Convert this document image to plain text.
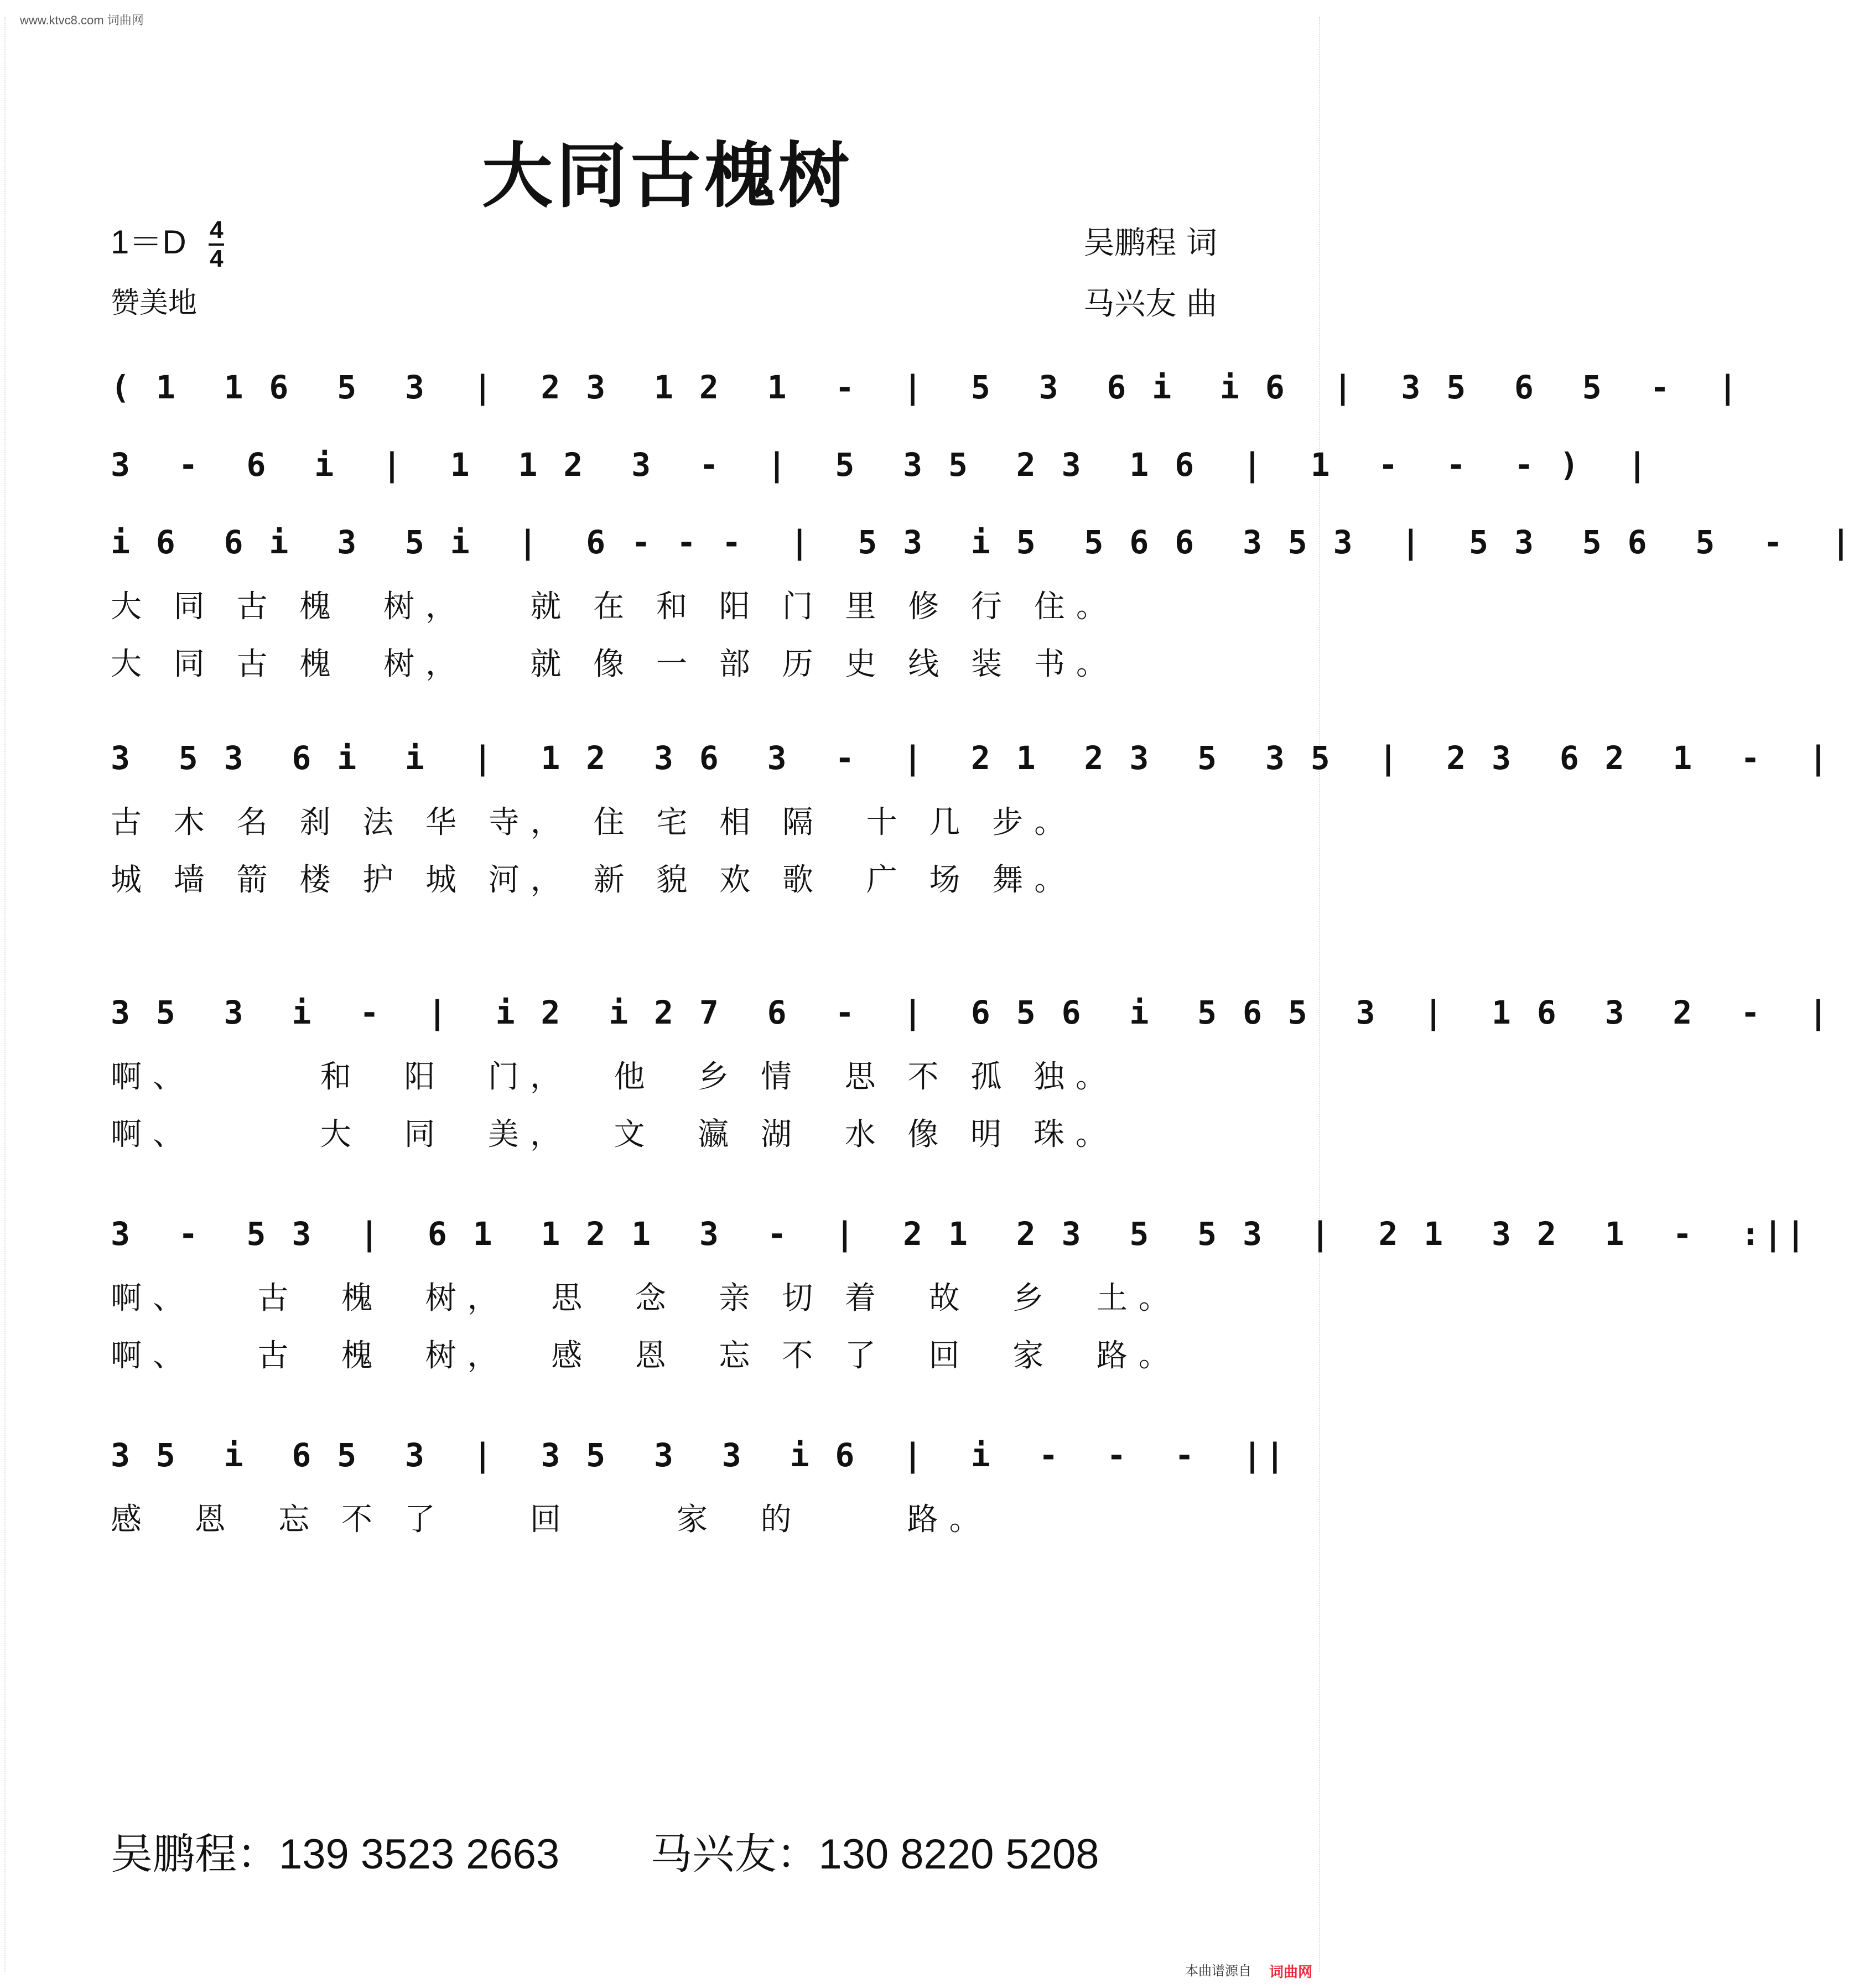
www.ktvc8.com 词曲网
大同古槐树
$1=D \frac{4}{4}$
赞美地
吴鹏程 词
马兴友 曲
( 1  1 6  5  3  |  2 3  1 2  1  -  |  5  3  6 i  i 6  |  3 5  6  5  -  |
3  -  6  i  |  1  1 2  3  -  |  5  3 5  2 3  1 6  |  1  -  -  - )  |
i 6  6 i  3  5 i  |  6 - - -  |  5 3  i 5  5 6 6  3 5 3  |  5 3  5 6  5  -  |
大 同 古 槐  树，   就 在 和 阳 门 里 修 行 住。
大 同 古 槐  树，   就 像 一 部 历 史 线 装 书。
3  5 3  6 i  i  |  1 2  3 6  3  -  |  2 1  2 3  5  3 5  |  2 3  6 2  1  -  |
古 木 名 刹 法 华 寺， 住 宅 相 隔  十 几 步。
城 墙 箭 楼 护 城 河， 新 貌 欢 歌  广 场 舞。
3 5  3  i  -  |  i 2  i 2 7  6  -  |  6 5 6  i  5 6 5  3  |  1 6  3  2  -  |
啊、      和  阳  门，  他  乡 情  思 不 孤 独。
啊、      大  同  美，  文  瀛 湖  水 像 明 珠。
3  -  5 3  |  6 1  1 2 1  3  -  |  2 1  2 3  5  5 3  |  2 1  3 2  1  -  :||
啊、   古  槐  树，  思  念  亲 切 着  故  乡  土。
啊、   古  槐  树，  感  恩  忘 不 了  回  家  路。
3 5  i  6 5  3  |  3 5  3  3  i 6  |  i  -  -  -  ||
感  恩  忘 不 了    回     家  的     路。
吴鹏程：139 3523 2663 马兴友：130 8220 5208
本曲谱源自 词曲网
